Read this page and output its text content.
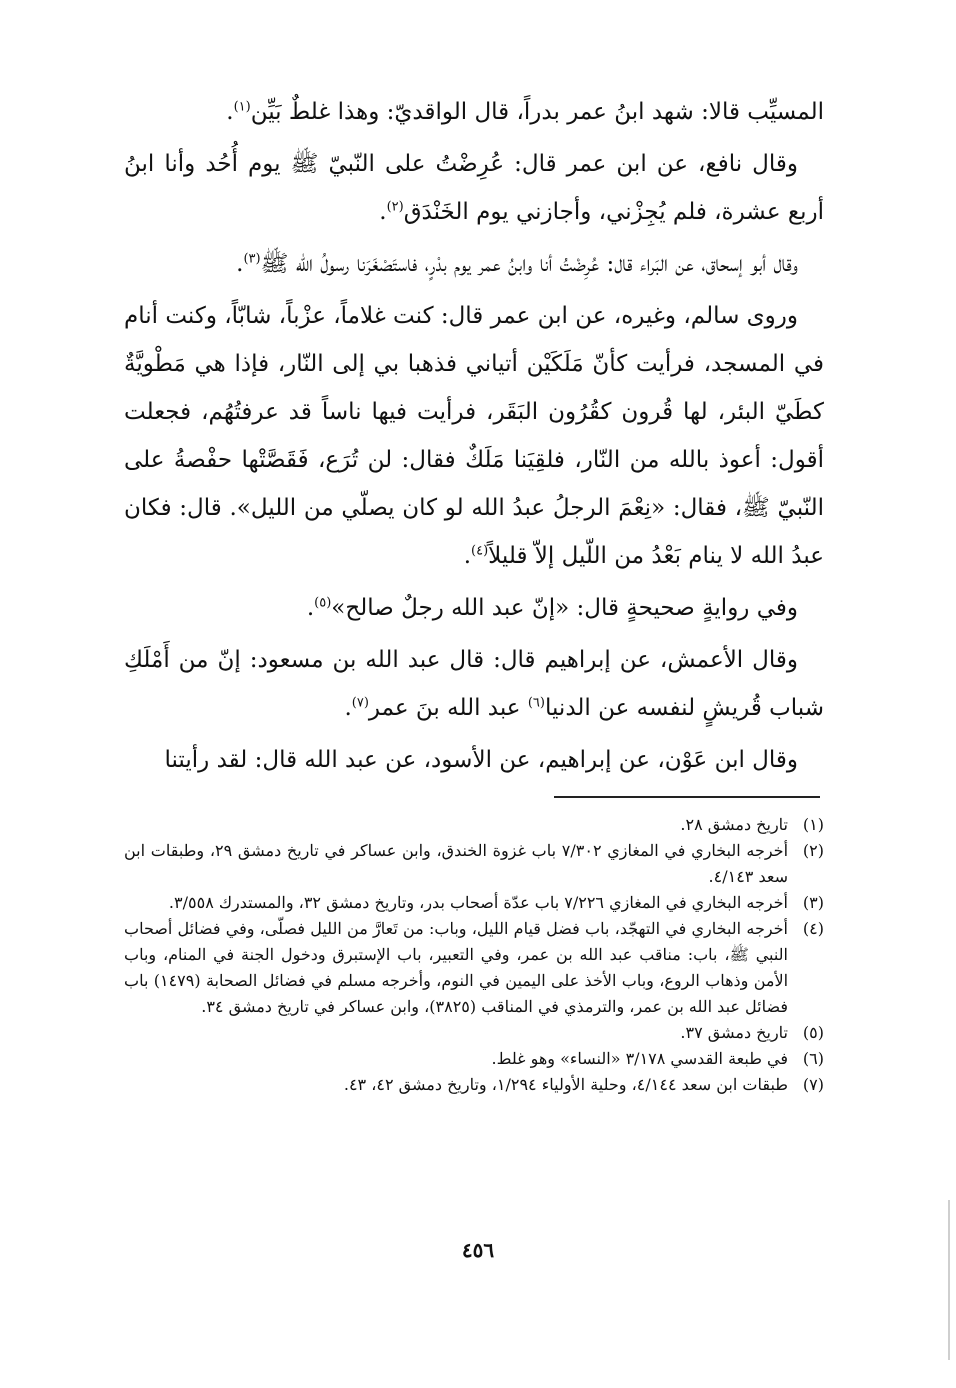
المسيِّب قالا: شهد ابنُ عمر بدراً، قال الواقديّ: وهذا غلطٌ بَيِّن$^{(١)}$.

وقال نافع، عن ابن عمر قال: عُرِضْتُ على النّبيّ ﷺ يوم أُحُد وأنا ابنُ أربع عشرة، فلم يُجِزْني، وأجازني يوم الخَنْدَق$^{(٢)}$.

وقال أبو إسحاق، عن البَراء قال: عُرِضْتُ أنا وابنُ عمر يوم بدْرٍ، فاستَصْغَرَنا رسولُ الله ﷺ$^{(٣)}$.

وروى سالم، وغيره، عن ابن عمر قال: كنت غلاماً، عزْباً، شابّاً، وكنت أنام في المسجد، فرأيت كأنّ مَلَكَيْن أتياني فذهبا بي إلى النّار، فإذا هي مَطْويَّةٌ كطَيّ البئر، لها قُرون كقُرُون البَقَر، فرأيت فيها ناساً قد عرفتُهُم، فجعلت أقول: أعوذ بالله من النّار، فلقِيَنا مَلَكٌ فقال: لن تُرَع، فَقَصَّتْها حفْصةُ على النّبيّ ﷺ، فقال: «نِعْمَ الرجلُ عبدُ الله لو كان يصلّي من الليل». قال: فكان عبدُ الله لا ينام بَعْدُ من اللّيل إلاّ قليلاً$^{(٤)}$.

وفي روايةٍ صحيحةٍ قال: «إنّ عبد الله رجلٌ صالح»$^{(٥)}$.

وقال الأعمش، عن إبراهيم قال: قال عبد الله بن مسعود: إنّ من أَمْلَكِ شباب قُريشٍ لنفسه عن الدنيا$^{(٦)}$ عبد الله بنَ عمر$^{(٧)}$.

وقال ابن عَوْن، عن إبراهيم، عن الأسود، عن عبد الله قال: لقد رأيتنا

(١)
تاريخ دمشق ٢٨.
(٢)
أخرجه البخاري في المغازي ٧/٣٠٢ باب غزوة الخندق، وابن عساكر في تاريخ دمشق ٢٩، وطبقات ابن سعد ٤/١٤٣.
(٣)
أخرجه البخاري في المغازي ٧/٢٢٦ باب عدّة أصحاب بدر، وتاريخ دمشق ٣٢، والمستدرك ٣/٥٥٨.
(٤)
أخرجه البخاري في التهجّد، باب فضل قيام الليل، وباب: من تَعارَّ من الليل فصلّى، وفي فضائل أصحاب النبي ﷺ، باب: مناقب عبد الله بن عمر، وفي التعبير، باب الإستبرق ودخول الجنة في المنام، وباب الأمن وذهاب الروع، وباب الأخذ على اليمين في النوم، وأخرجه مسلم في فضائل الصحابة (١٤٧٩) باب فضائل عبد الله بن عمر، والترمذي في المناقب (٣٨٢٥)، وابن عساكر في تاريخ دمشق ٣٤.
(٥)
تاريخ دمشق ٣٧.
(٦)
في طبعة القدسي ٣/١٧٨ «النساء» وهو غلط.
(٧)
طبقات ابن سعد ٤/١٤٤، وحلية الأولياء ١/٢٩٤، وتاريخ دمشق ٤٢، ٤٣.
٤٥٦
